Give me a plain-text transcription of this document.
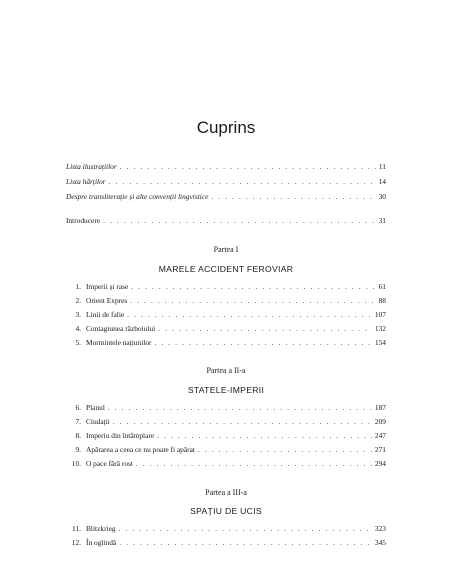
Cuprins
Lista ilustrațiilor . . .	11
Lista hărților . . .	14
Despre transliterație și alte convenții lingvistice . . .	30
Introducere . . .	31
Partea I
MARELE ACCIDENT FEROVIAR
1. Imperii și rase . . .	61
2. Orient Expres . . .	88
3. Linii de falie . . .	107
4. Contagiunea războiului . . .	132
5. Mormintele națiunilor . . .	154
Partea a II-a
STATELE-IMPERII
6. Planul . . .	187
7. Ciudații . . .	209
8. Imperiu din întâmplare . . .	247
9. Apărarea a ceea ce nu poate fi apărat . . .	271
10. O pace fără rost . . .	294
Partea a III-a
SPAȚIU DE UCIS
11. Blitzkrieg . . .	323
12. În oglindă . . .	345
